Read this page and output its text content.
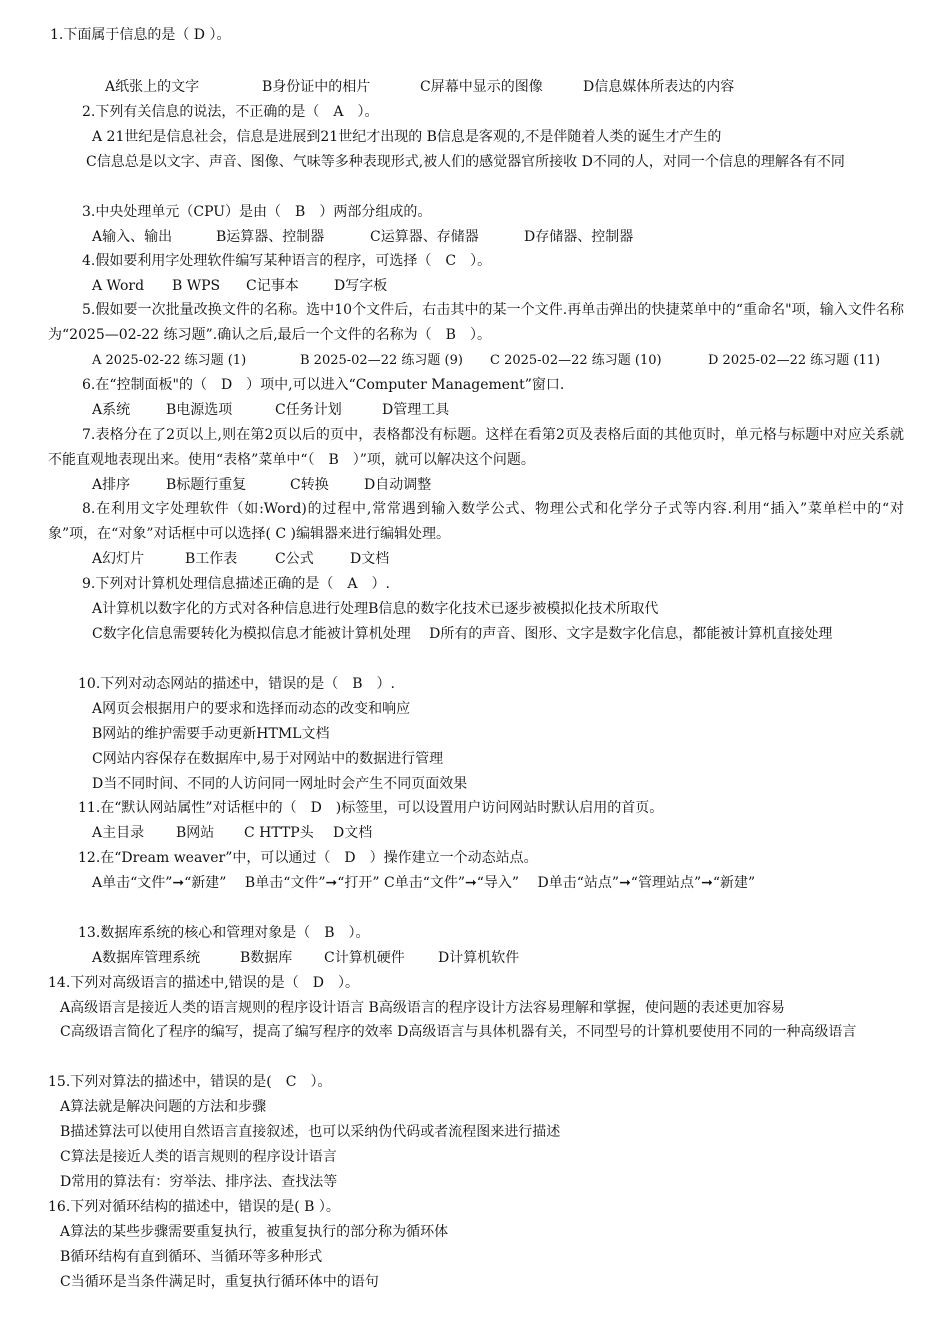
1.下面属于信息的是（ D ）。
A纸张上的文字	B身份证中的相片	C屏幕中显示的图像	D信息媒体所表达的内容
2.下列有关信息的说法，不正确的是（　A　）。
A 21世纪是信息社会，信息是进展到21世纪才出现的 B信息是客观的,不是伴随着人类的诞生才产生的
C信息总是以文字、声音、图像、气味等多种表现形式,被人们的感觉器官所接收 D不同的人，对同一个信息的理解各有不同
3.中央处理单元（CPU）是由（　B　）两部分组成的。
A输入、输出	B运算器、控制器	C运算器、存储器	D存储器、控制器
4.假如要利用字处理软件编写某种语言的程序，可选择（　C　）。
A Word B WPS C记事本	D写字板
5.假如要一次批量改换文件的名称。选中10个文件后，右击其中的某一个文件.再单击弹出的快捷菜单中的“重命名"项，输入文件名称为“2025—02-22 练习题”.确认之后,最后一个文件的名称为（　B　）。
A 2025-02-22 练习题 (1)	B 2025-02—22 练习题 (9) C 2025-02—22 练习题 (10)	D 2025-02—22 练习题 (11)
6.在“控制面板"的（　D　）项中,可以进入“Computer Management”窗口.
A系统	B电源选项	C任务计划	D管理工具
7.表格分在了2页以上,则在第2页以后的页中，表格都没有标题。这样在看第2页及表格后面的其他页时，单元格与标题中对应关系就不能直观地表现出来。使用“表格”菜单中“（　B　）”项，就可以解决这个问题。
A排序	B标题行重复	C转换	D自动调整
8.在利用文字处理软件（如:Word)的过程中,常常遇到输入数学公式、物理公式和化学分子式等内容.利用“插入”菜单栏中的“对象”项，在“对象”对话框中可以选择( C )编辑器来进行编辑处理。
A幻灯片	B工作表	C公式	D文档
9.下列对计算机处理信息描述正确的是（　A　）.
A计算机以数字化的方式对各种信息进行处理B信息的数字化技术已逐步被模拟化技术所取代
C数字化信息需要转化为模拟信息才能被计算机处理　 D所有的声音、图形、文字是数字化信息，都能被计算机直接处理
10.下列对动态网站的描述中，错误的是（　B　）.
A网页会根据用户的要求和选择而动态的改变和响应
B网站的维护需要手动更新HTML文档
C网站内容保存在数据库中,易于对网站中的数据进行管理
D当不同时间、不同的人访问同一网址时会产生不同页面效果
11.在“默认网站属性”对话框中的（　D　)标签里，可以设置用户访问网站时默认启用的首页。
A主目录 B网站 C HTTP头 D文档
12.在“Dream weaver”中，可以通过（　D　）操作建立一个动态站点。
A单击“文件”➞“新建”　 B单击“文件”➞“打开” C单击“文件”➞“导入”　 D单击“站点”➞“管理站点”➞“新建”
13.数据库系统的核心和管理对象是（　B　）。
A数据库管理系统	B数据库 C计算机硬件 D计算机软件
14.下列对高级语言的描述中,错误的是（　D　）。
A高级语言是接近人类的语言规则的程序设计语言 B高级语言的程序设计方法容易理解和掌握，使问题的表述更加容易
C高级语言简化了程序的编写，提高了编写程序的效率 D高级语言与具体机器有关，不同型号的计算机要使用不同的一种高级语言
15.下列对算法的描述中，错误的是(　C　）。
A算法就是解决问题的方法和步骤
B描述算法可以使用自然语言直接叙述，也可以采纳伪代码或者流程图来进行描述
C算法是接近人类的语言规则的程序设计语言
D常用的算法有：穷举法、排序法、查找法等
16.下列对循环结构的描述中，错误的是( B ）。
A算法的某些步骤需要重复执行，被重复执行的部分称为循环体
B循环结构有直到循环、当循环等多种形式
C当循环是当条件满足时，重复执行循环体中的语句
